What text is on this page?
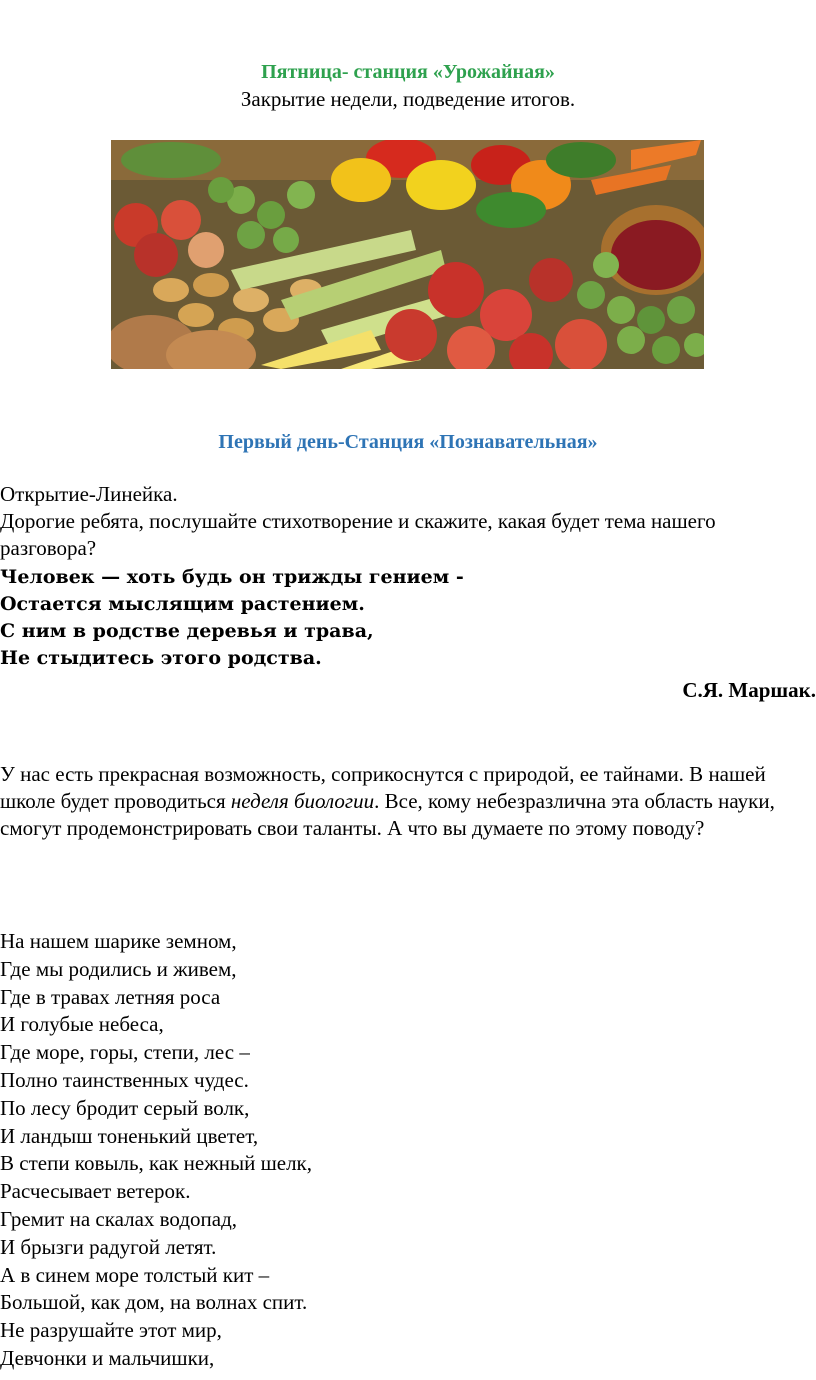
Пятница- станция «Урожайная»
Закрытие недели, подведение итогов.
Первый день-Станция «Познавательная»
Открытие-Линейка.
Дорогие ребята, послушайте стихотворение и скажите, какая будет тема нашего разговора?
Человек — хоть будь он трижды гением -
Остается мыслящим растением.
С ним в родстве деревья и трава,
Не стыдитесь этого родства.
С.Я. Маршак.
У нас есть прекрасная возможность, соприкоснутся с природой, ее тайнами. В нашей школе будет проводиться неделя биологии. Все, кому небезразлична эта область науки, смогут продемонстрировать свои таланты. А что вы думаете по этому поводу?
На нашем шарике земном,
Где мы родились и живем,
Где в травах летняя роса
И голубые небеса,
Где море, горы, степи, лес –
Полно таинственных чудес.
По лесу бродит серый волк,
И ландыш тоненький цветет,
В степи ковыль, как нежный шелк,
Расчесывает ветерок.
Гремит на скалах водопад,
И брызги радугой летят.
А в синем море толстый кит –
Большой, как дом, на волнах спит.
Не разрушайте этот мир,
Девчонки и мальчишки,
